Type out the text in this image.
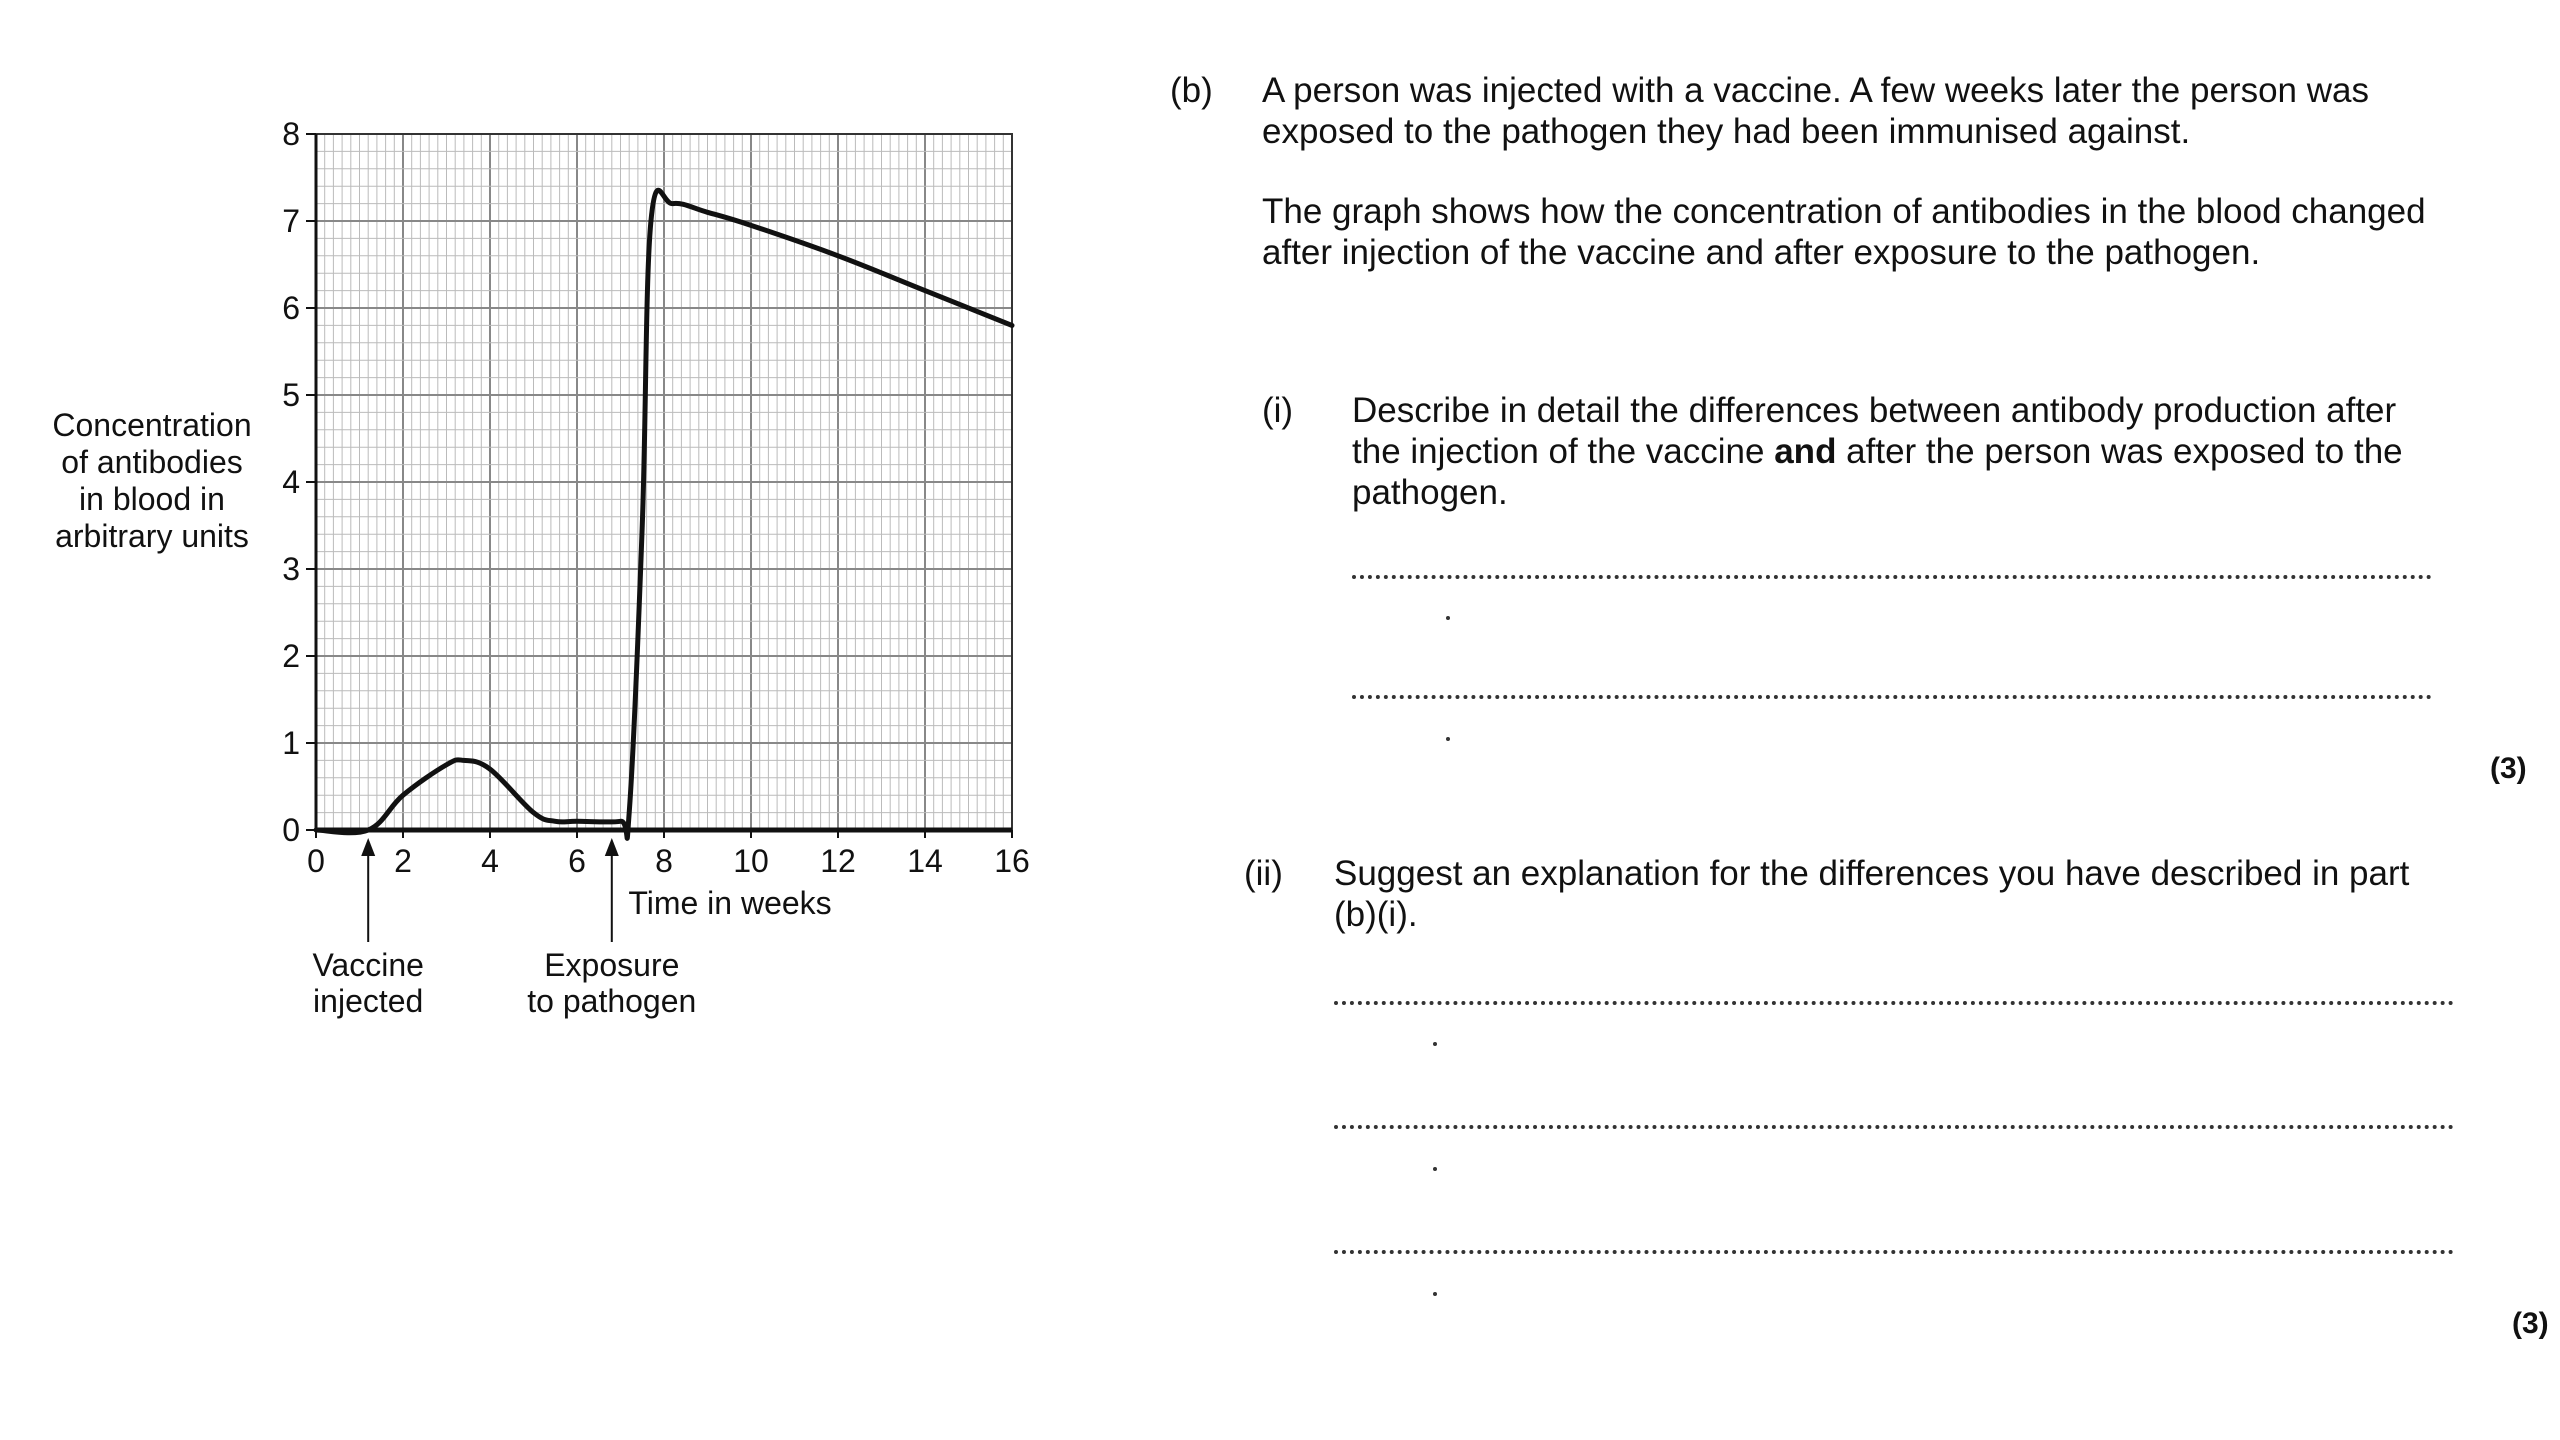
0 2 4 6 8 10 12 14 16
0
1
2
3
4
5
6
7
8
Vaccine
injected
Exposure
to pathogen
Time in weeks
Concentration
of antibodies
in blood in
arbitrary units
(b) A person was injected with a vaccine. A few weeks later the person was
exposed to the pathogen they had been immunised against.
The graph shows how the concentration of antibodies in the blood changed
after injection of the vaccine and after exposure to the pathogen.
(i) Describe in detail the differences between antibody production after
the injection of the vaccine and after the person was exposed to the
pathogen.
(3)
(ii) Suggest an explanation for the differences you have described in part
(b)(i).
(3)
